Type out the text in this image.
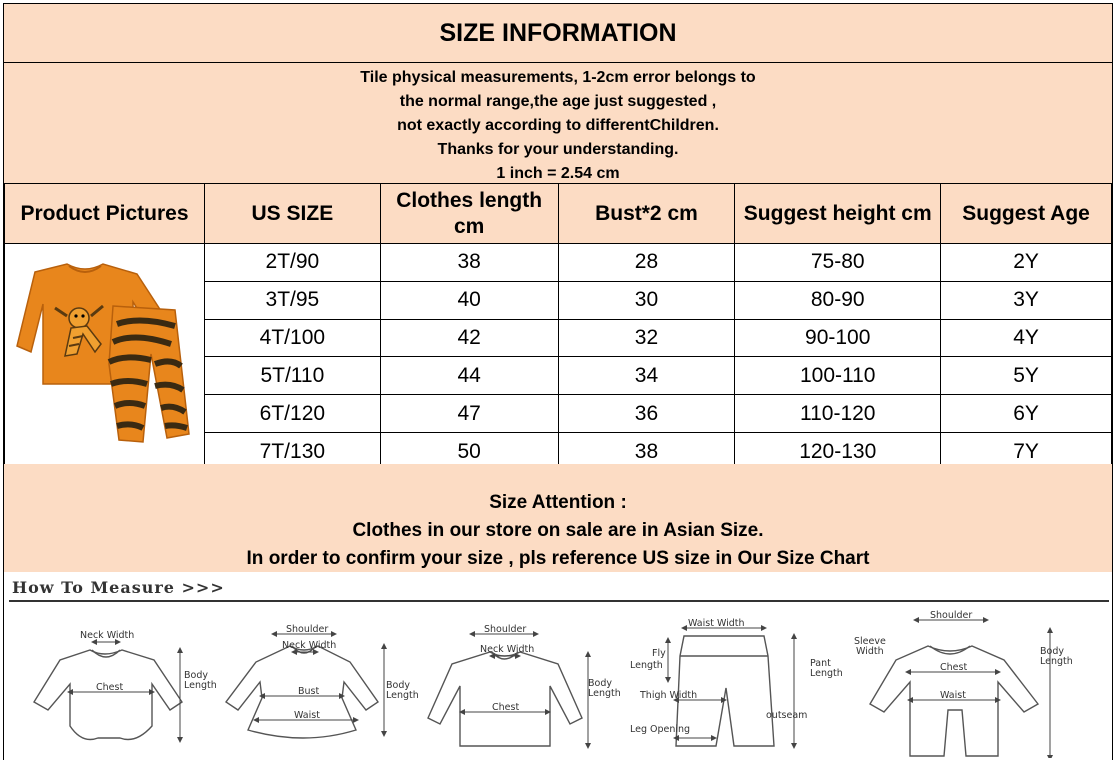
SIZE INFORMATION
Tile physical measurements, 1-2cm error belongs to
the normal range,the age just suggested ,
not exactly according to differentChildren.
Thanks for your understanding.
1 inch = 2.54 cm
Product Pictures	US SIZE	Clothes length cm	Bust*2 cm	Suggest height cm	Suggest Age
	2T/90	38	28	75-80	2Y
	3T/95	40	30	80-90	3Y
	4T/100	42	32	90-100	4Y
	5T/110	44	34	100-110	5Y
	6T/120	47	36	110-120	6Y
	7T/130	50	38	120-130	7Y
Size Attention :
Clothes in our store on sale are in Asian Size.
In order to confirm your size , pls reference US size in Our Size Chart
How To Measure >>>
Neck Width
Chest
Body
Length
Shoulder
Neck Width
Bust
Waist
Body
Length
Shoulder
Neck Width
Chest
Body
Length
Waist Width
Fly
Length
Thigh Width
Leg Opening
Pant
Length
outseam
Shoulder
Sleeve
Width
Chest
Waist
Body
Length
